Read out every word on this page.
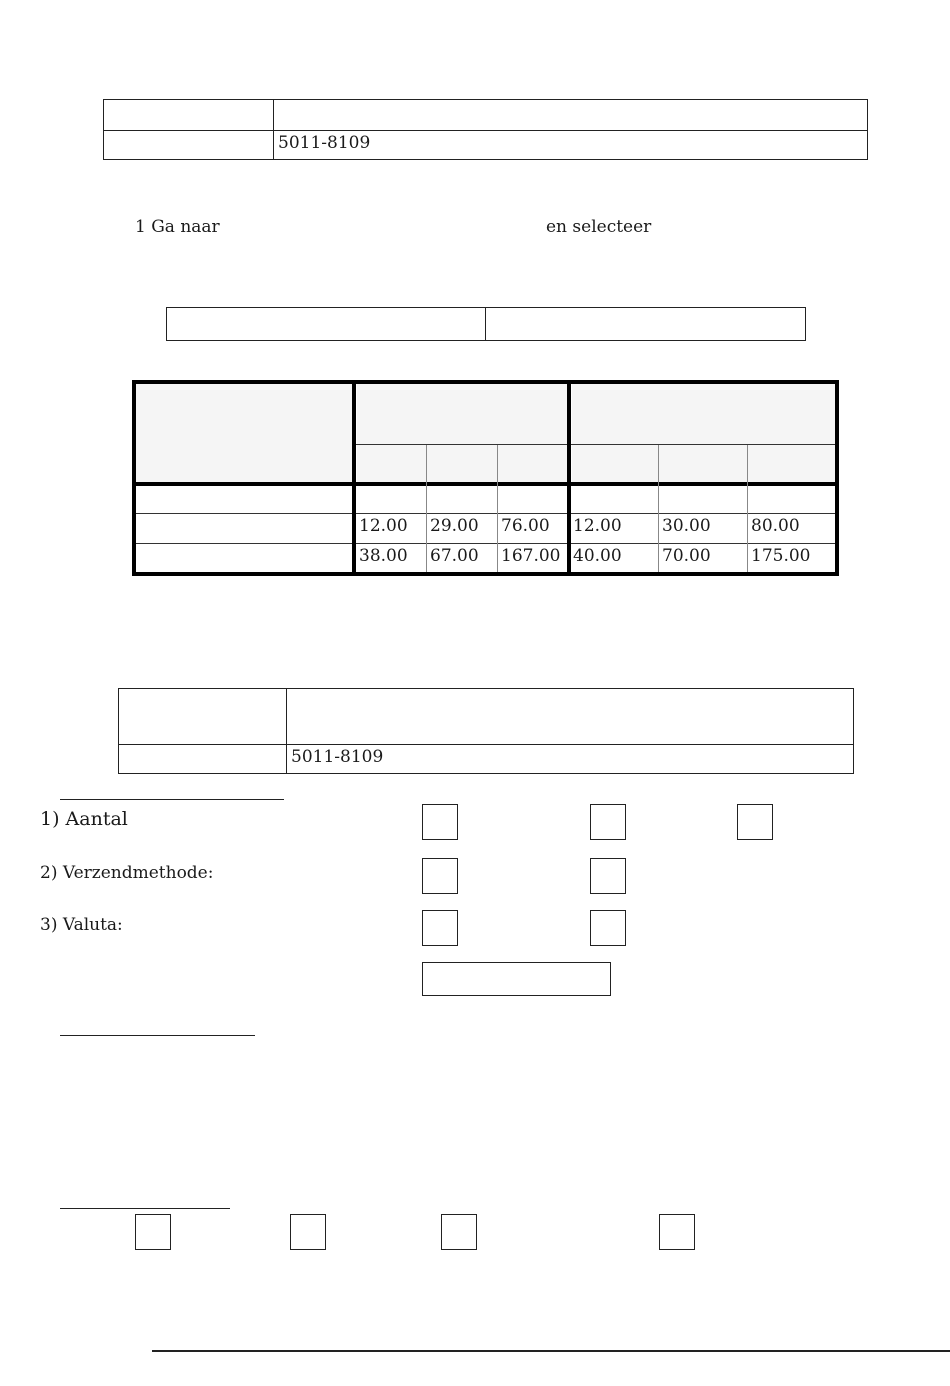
5011-8109
1 Ga naar	en selecteer
12.00 29.00 76.00 12.00 30.00 80.00
38.00 67.00 167.00 40.00 70.00 175.00
5011-8109
1) Aantal
2) Verzendmethode:
3) Valuta:
